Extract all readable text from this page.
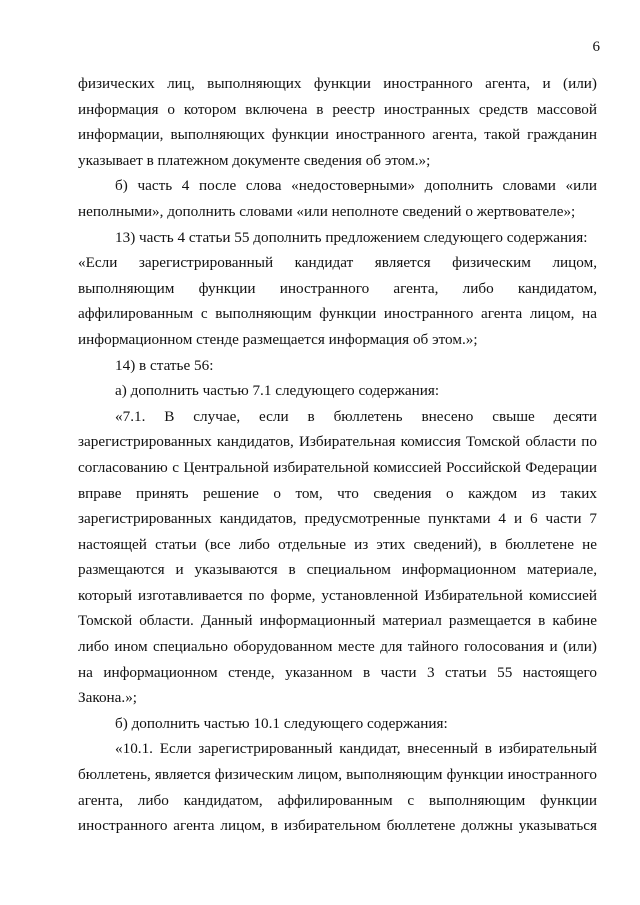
6

физических лиц, выполняющих функции иностранного агента, и (или) информация о котором включена в реестр иностранных средств массовой информации, выполняющих функции иностранного агента, такой гражданин указывает в платежном документе сведения об этом.»;

б) часть 4 после слова «недостоверными» дополнить словами «или неполными», дополнить словами «или неполноте сведений о жертвователе»;

13) часть 4 статьи 55 дополнить предложением следующего содержания:

«Если зарегистрированный кандидат является физическим лицом, выполняющим функции иностранного агента, либо кандидатом, аффилированным с выполняющим функции иностранного агента лицом, на информационном стенде размещается информация об этом.»;

14) в статье 56:

а) дополнить частью 7.1 следующего содержания:

«7.1. В случае, если в бюллетень внесено свыше десяти зарегистрированных кандидатов, Избирательная комиссия Томской области по согласованию с Центральной избирательной комиссией Российской Федерации вправе принять решение о том, что сведения о каждом из таких зарегистрированных кандидатов, предусмотренные пунктами 4 и 6 части 7 настоящей статьи (все либо отдельные из этих сведений), в бюллетене не размещаются и указываются в специальном информационном материале, который изготавливается по форме, установленной Избирательной комиссией Томской области. Данный информационный материал размещается в кабине либо ином специально оборудованном месте для тайного голосования и (или) на информационном стенде, указанном в части 3 статьи 55 настоящего Закона.»;

б) дополнить частью 10.1 следующего содержания:

«10.1. Если зарегистрированный кандидат, внесенный в избирательный бюллетень, является физическим лицом, выполняющим функции иностранного агента, либо кандидатом, аффилированным с выполняющим функции иностранного агента лицом, в избирательном бюллетене должны указываться
